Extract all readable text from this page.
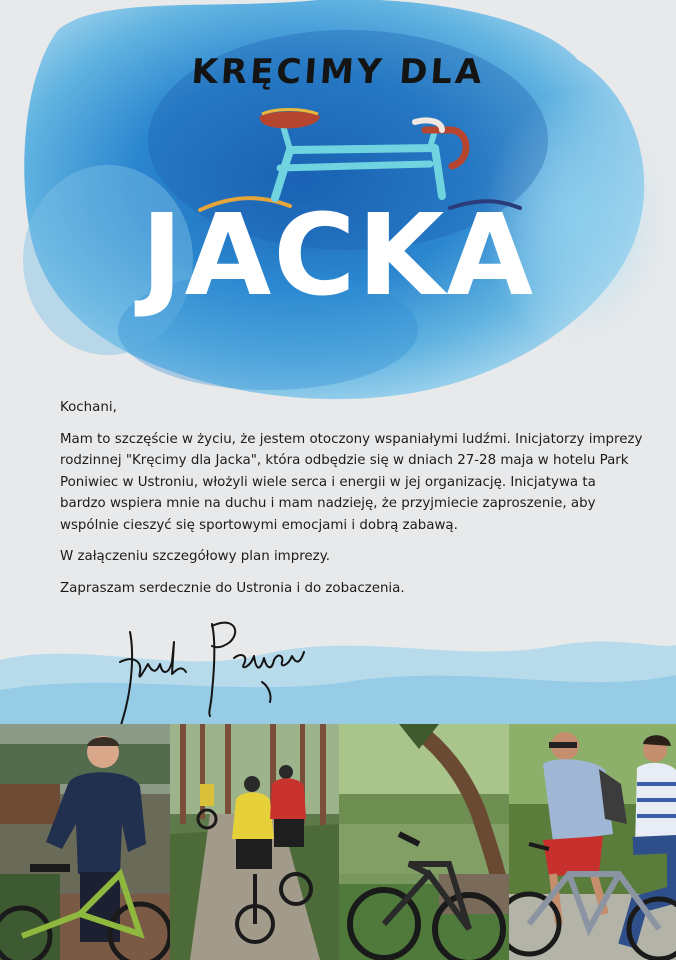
KRĘCIMY DLA
JACKA

Kochani,

Mam to szczęście w życiu, że jestem otoczony wspaniałymi ludźmi. Inicjatorzy imprezy rodzinnej "Kręcimy dla Jacka", która odbędzie się w dniach 27-28 maja w hotelu Park Poniwiec w Ustroniu, włożyli wiele serca i energii w jej organizację. Inicjatywa ta bardzo wspiera mnie na duchu i mam nadzieję, że przyjmiecie zaproszenie, aby wspólnie cieszyć się sportowymi emocjami i dobrą zabawą.

W załączeniu szczegółowy plan imprezy.

Zapraszam serdecznie do Ustronia i do zobaczenia.
